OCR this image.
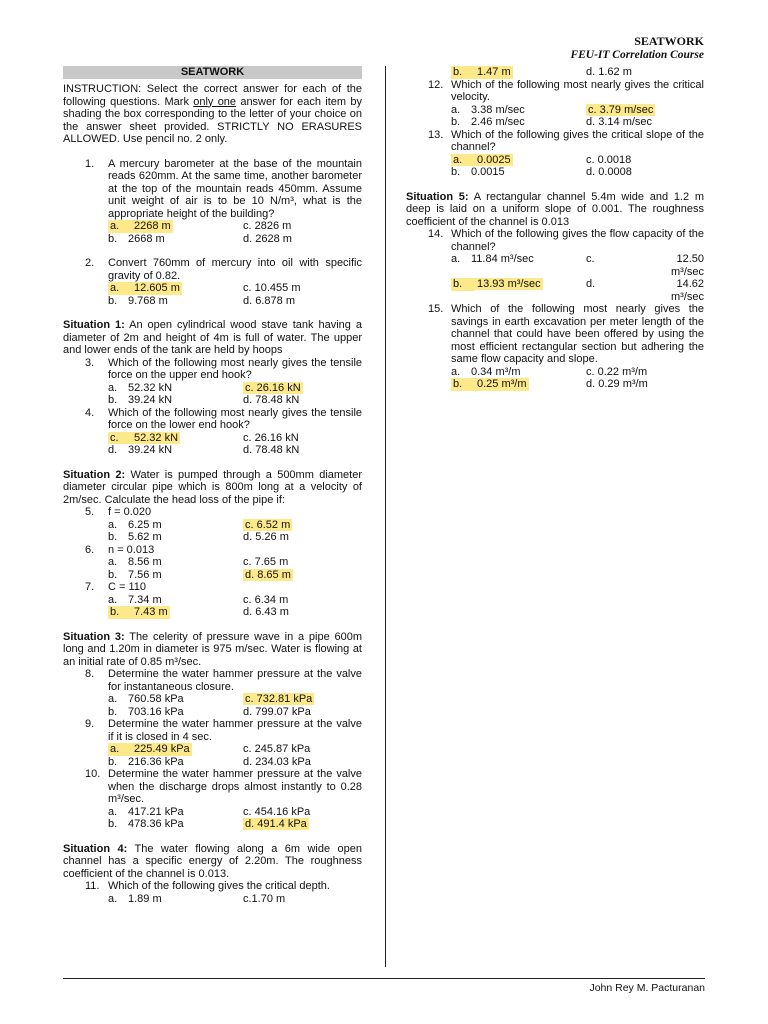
SEATWORK
FEU-IT Correlation Course
SEATWORK
INSTRUCTION: Select the correct answer for each of the following questions. Mark only one answer for each item by shading the box corresponding to the letter of your choice on the answer sheet provided. STRICTLY NO ERASURES ALLOWED. Use pencil no. 2 only.
1.	A mercury barometer at the base of the mountain reads 620mm. At the same time, another barometer at the top of the mountain reads 450mm. Assume unit weight of air is to be 10 N/m³, what is the appropriate height of the building?
a.	2268 m	c. 2826 m
b. 2668 m	d. 2628 m
2.	Convert 760mm of mercury into oil with specific gravity of 0.82.
a.	12.605 m	c. 10.455 m
b. 9.768 m	d. 6.878 m
Situation 1: An open cylindrical wood stave tank having a diameter of 2m and height of 4m is full of water. The upper and lower ends of the tank are held by hoops
3.	Which of the following most nearly gives the tensile force on the upper end hook?
a. 52.32 kN	c. 26.16 kN
b. 39.24 kN	d. 78.48 kN
4.	Which of the following most nearly gives the tensile force on the lower end hook?
c.	52.32 kN	c. 26.16 kN
d. 39.24 kN	d. 78.48 kN
Situation 2: Water is pumped through a 500mm diameter diameter circular pipe which is 800m long at a velocity of 2m/sec. Calculate the head loss of the pipe if:
5.	f = 0.020
a. 6.25 m	c. 6.52 m
b. 5.62 m	d. 5.26 m
6.	n = 0.013
a. 8.56 m	c. 7.65 m
b. 7.56 m	d. 8.65 m
7.	C = 110
a. 7.34 m	c. 6.34 m
b.	7.43 m	d. 6.43 m
Situation 3: The celerity of pressure wave in a pipe 600m long and 1.20m in diameter is 975 m/sec. Water is flowing at an initial rate of 0.85 m³/sec.
8.	Determine the water hammer pressure at the valve for instantaneous closure.
a. 760.58 kPa	c. 732.81 kPa
b. 703.16 kPa	d. 799.07 kPa
9.	Determine the water hammer pressure at the valve if it is closed in 4 sec.
a.	225.49 kPa	c. 245.87 kPa
b. 216.36 kPa	d. 234.03 kPa
10. Determine the water hammer pressure at the valve when the discharge drops almost instantly to 0.28 m³/sec.
a. 417.21 kPa	c. 454.16 kPa
b. 478.36 kPa	d. 491.4 kPa
Situation 4: The water flowing along a 6m wide open channel has a specific energy of 2.20m. The roughness coefficient of the channel is 0.013.
11. Which of the following gives the critical depth.
a. 1.89 m	c.1.70 m
b.	1.47 m	d. 1.62 m
12. Which of the following most nearly gives the critical velocity.
a. 3.38 m/sec	c. 3.79 m/sec
b. 2.46 m/sec	d. 3.14 m/sec
13. Which of the following gives the critical slope of the channel?
a.	0.0025	c. 0.0018
b. 0.0015	d. 0.0008
Situation 5: A rectangular channel 5.4m wide and 1.2 m deep is laid on a uniform slope of 0.001. The roughness coefficient of the channel is 0.013
14. Which of the following gives the flow capacity of the channel?
a. 11.84 m³/sec	c.	12.50 m³/sec
b.	13.93 m³/sec	d.	14.62 m³/sec
15. Which of the following most nearly gives the savings in earth excavation per meter length of the channel that could have been offered by using the most efficient rectangular section but adhering the same flow capacity and slope.
a. 0.34 m³/m	c. 0.22 m³/m
b.	0.25 m³/m	d. 0.29 m³/m
John Rey M. Pacturanan
